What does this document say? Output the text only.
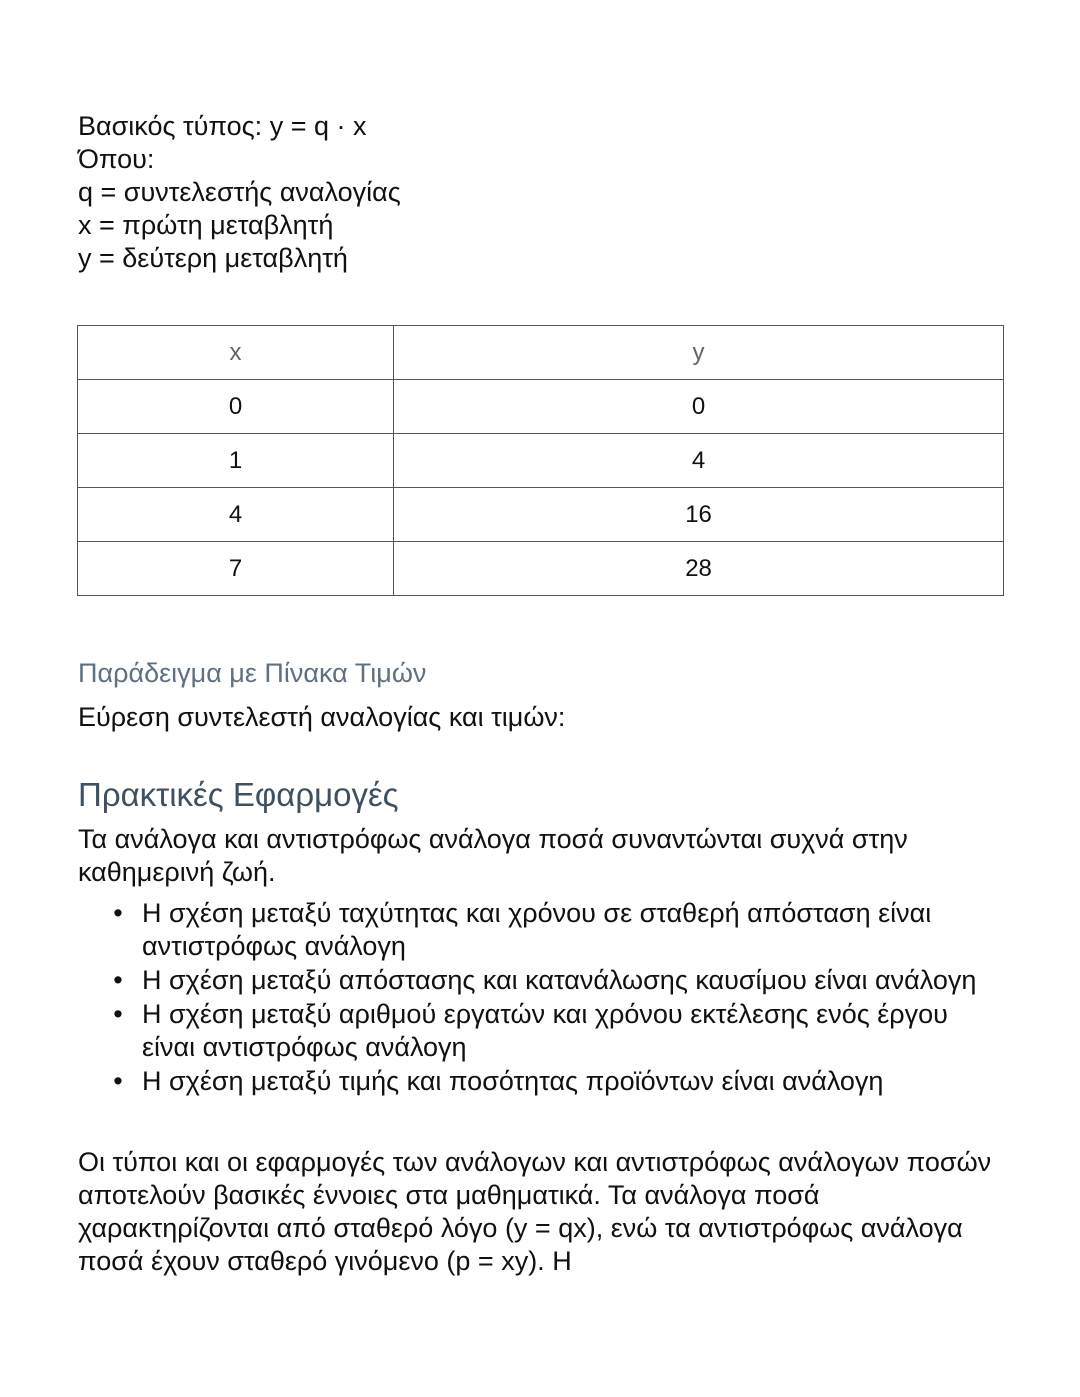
Βασικός τύπος: y = q · x
Όπου:
q = συντελεστής αναλογίας
x = πρώτη μεταβλητή
y = δεύτερη μεταβλητή
x	y
0	0
1	4
4	16
7	28
Παράδειγμα με Πίνακα Τιμών
Εύρεση συντελεστή αναλογίας και τιμών:
Πρακτικές Εφαρμογές
Τα ανάλογα και αντιστρόφως ανάλογα ποσά συναντώνται συχνά στην καθημερινή ζωή.
• Η σχέση μεταξύ ταχύτητας και χρόνου σε σταθερή απόσταση είναι αντιστρόφως ανάλογη
• Η σχέση μεταξύ απόστασης και κατανάλωσης καυσίμου είναι ανάλογη
• Η σχέση μεταξύ αριθμού εργατών και χρόνου εκτέλεσης ενός έργου είναι αντιστρόφως ανάλογη
• Η σχέση μεταξύ τιμής και ποσότητας προϊόντων είναι ανάλογη
Οι τύποι και οι εφαρμογές των ανάλογων και αντιστρόφως ανάλογων ποσών αποτελούν βασικές έννοιες στα μαθηματικά. Τα ανάλογα ποσά χαρακτηρίζονται από σταθερό λόγο (y = qx), ενώ τα αντιστρόφως ανάλογα ποσά έχουν σταθερό γινόμενο (p = xy). Η
